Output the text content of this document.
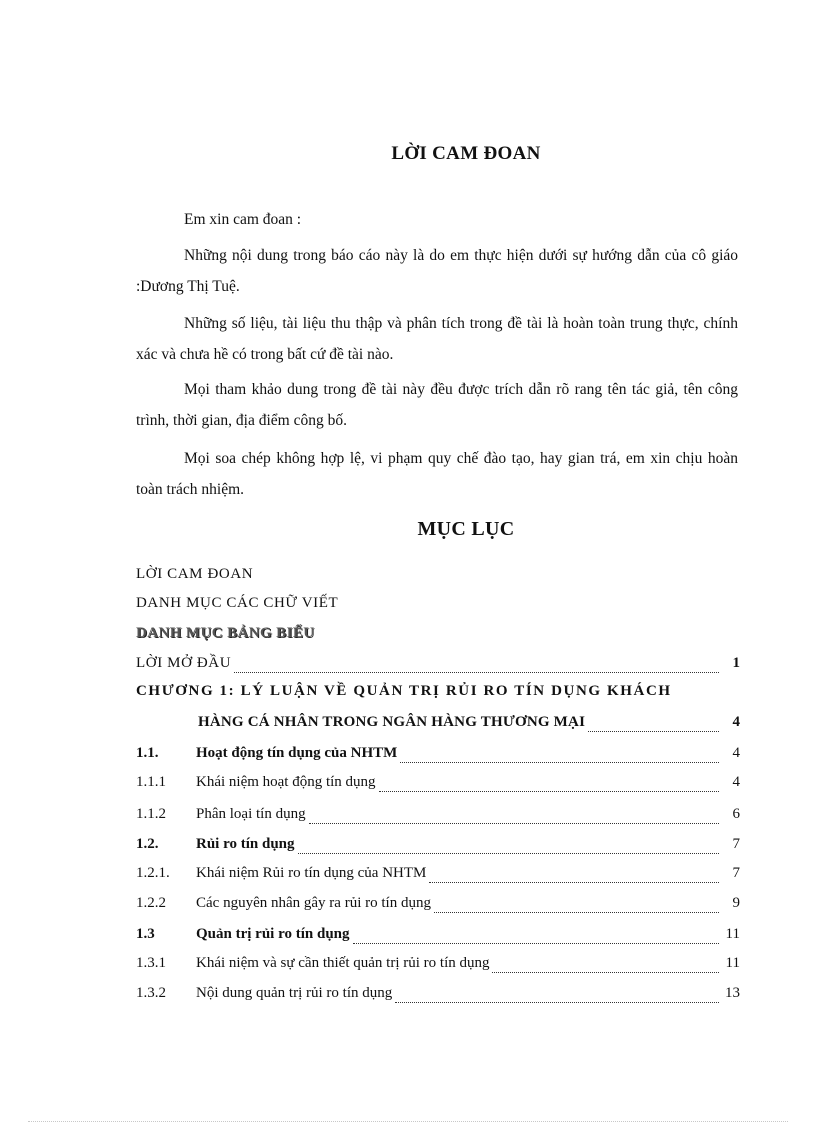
LỜI CAM ĐOAN
Em xin cam đoan :
Những nội dung trong báo cáo này là do em thực hiện dưới sự hướng dẫn của cô giáo :Dương Thị Tuệ.
Những số liệu, tài liệu thu thập và phân tích trong đề tài là hoàn toàn trung thực, chính xác và chưa hề có trong bất cứ đề tài nào.
Mọi tham khảo dung trong đề tài này đều được trích dẫn rõ rang tên tác giả, tên công trình, thời gian, địa điểm công bố.
Mọi soa chép không hợp lệ, vi phạm quy chế đào tạo, hay gian trá, em xin chịu hoàn toàn trách nhiệm.
MỤC LỤC
LỜI CAM ĐOAN
DANH MỤC CÁC CHỮ VIẾT
DANH MỤC BẢNG BIỂU
LỜI MỞ ĐẦU	1
CHƯƠNG 1: LÝ LUẬN VỀ QUẢN TRỊ RỦI RO TÍN DỤNG KHÁCH
HÀNG CÁ NHÂN TRONG NGÂN HÀNG THƯƠNG MẠI	4
1.1.	Hoạt động tín dụng của NHTM	4
1.1.1	Khái niệm hoạt động tín dụng	4
1.1.2	Phân loại tín dụng	6
1.2.	Rủi ro tín dụng	7
1.2.1.	Khái niệm Rủi ro tín dụng của NHTM	7
1.2.2	Các nguyên nhân gây ra rủi ro tín dụng	9
1.3	Quản trị rủi ro tín dụng	11
1.3.1	Khái niệm và sự cần thiết quản trị rủi ro tín dụng	11
1.3.2	Nội dung quản trị rủi ro tín dụng	13
